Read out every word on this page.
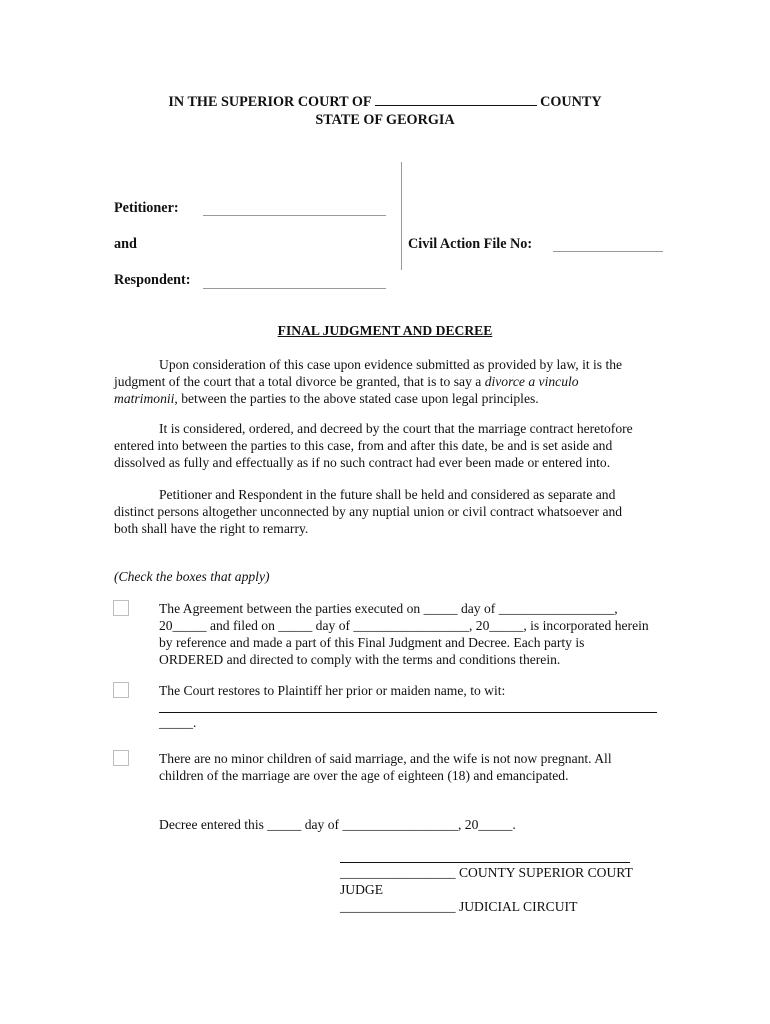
IN THE SUPERIOR COURT OF	COUNTY
STATE OF GEORGIA
Petitioner:
and	Civil Action File No:
Respondent:
FINAL JUDGMENT AND DECREE
Upon consideration of this case upon evidence submitted as provided by law, it is the judgment of the court that a total divorce be granted, that is to say a divorce a vinculo matrimonii, between the parties to the above stated case upon legal principles.
It is considered, ordered, and decreed by the court that the marriage contract heretofore entered into between the parties to this case, from and after this date, be and is set aside and dissolved as fully and effectually as if no such contract had ever been made or entered into.
Petitioner and Respondent in the future shall be held and considered as separate and distinct persons altogether unconnected by any nuptial union or civil contract whatsoever and both shall have the right to remarry.
(Check the boxes that apply)
The Agreement between the parties executed on _____ day of _________________, 20_____ and filed on _____ day of _________________, 20_____, is incorporated herein by reference and made a part of this Final Judgment and Decree. Each party is ORDERED and directed to comply with the terms and conditions therein.
The Court restores to Plaintiff her prior or maiden name, to wit:
_____.
There are no minor children of said marriage, and the wife is not now pregnant. All children of the marriage are over the age of eighteen (18) and emancipated.
Decree entered this _____ day of _________________, 20_____.
_________________ COUNTY SUPERIOR COURT JUDGE
_________________ JUDICIAL CIRCUIT
